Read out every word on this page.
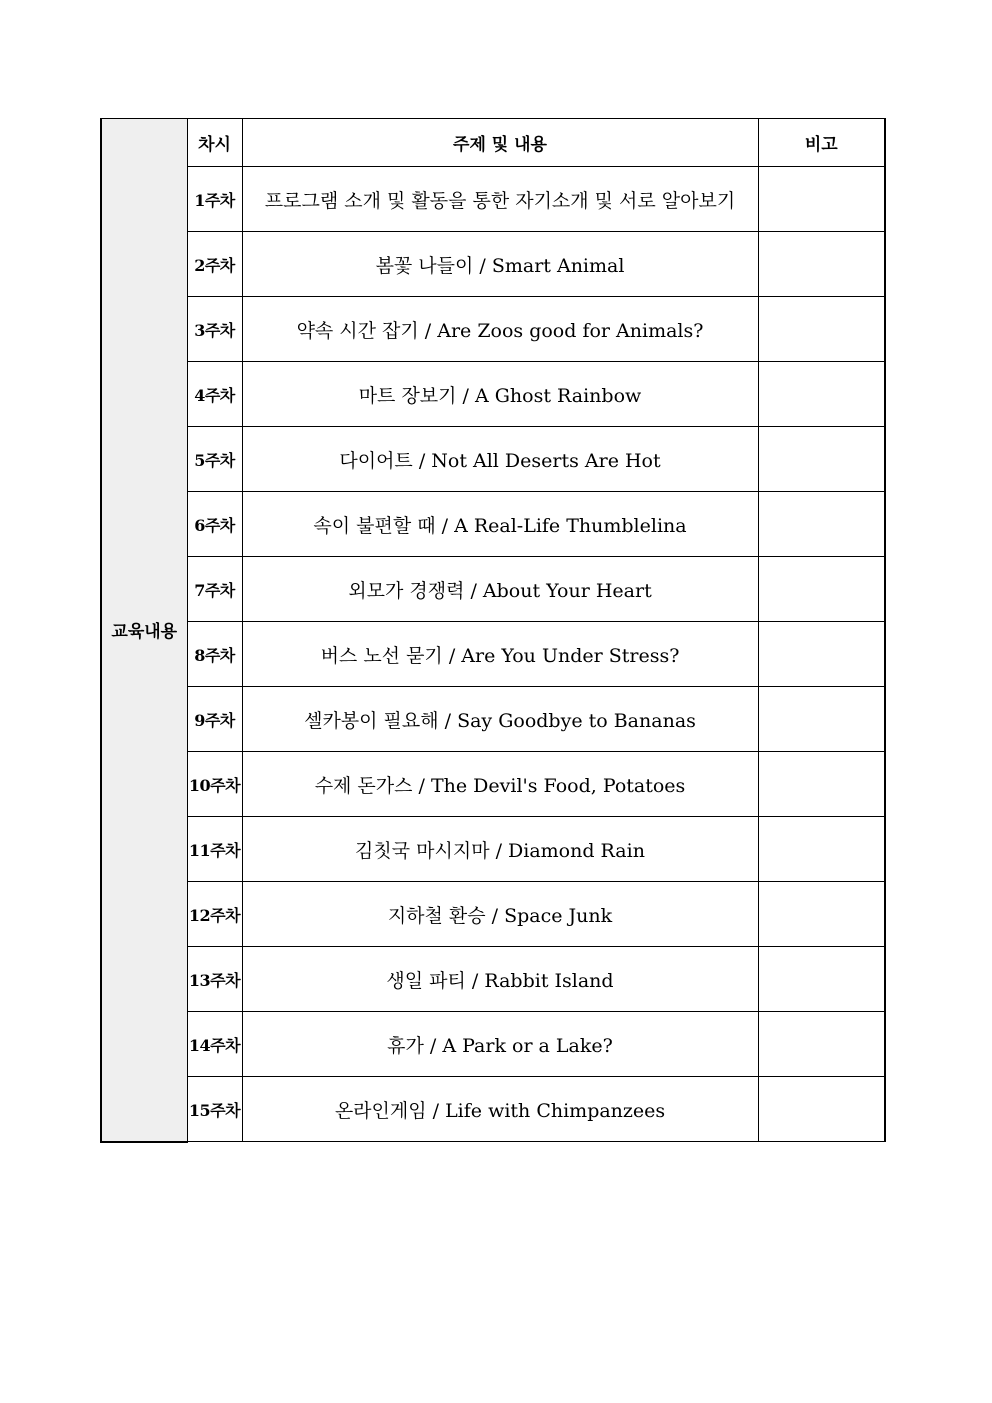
교육내용	차시	주제 및 내용	비고
	1주차	프로그램 소개 및 활동을 통한 자기소개 및 서로 알아보기	
	2주차	봄꽃 나들이 / Smart Animal	
	3주차	약속 시간 잡기 / Are Zoos good for Animals?	
	4주차	마트 장보기 / A Ghost Rainbow	
	5주차	다이어트 / Not All Deserts Are Hot	
	6주차	속이 불편할 때 / A Real-Life Thumblelina	
	7주차	외모가 경쟁력 / About Your Heart	
	8주차	버스 노선 묻기 / Are You Under Stress?	
	9주차	셀카봉이 필요해 / Say Goodbye to Bananas	
	10주차	수제 돈가스 / The Devil's Food, Potatoes	
	11주차	김칫국 마시지마 / Diamond Rain	
	12주차	지하철 환승 / Space Junk	
	13주차	생일 파티 / Rabbit Island	
	14주차	휴가 / A Park or a Lake?	
	15주차	온라인게임 / Life with Chimpanzees	
